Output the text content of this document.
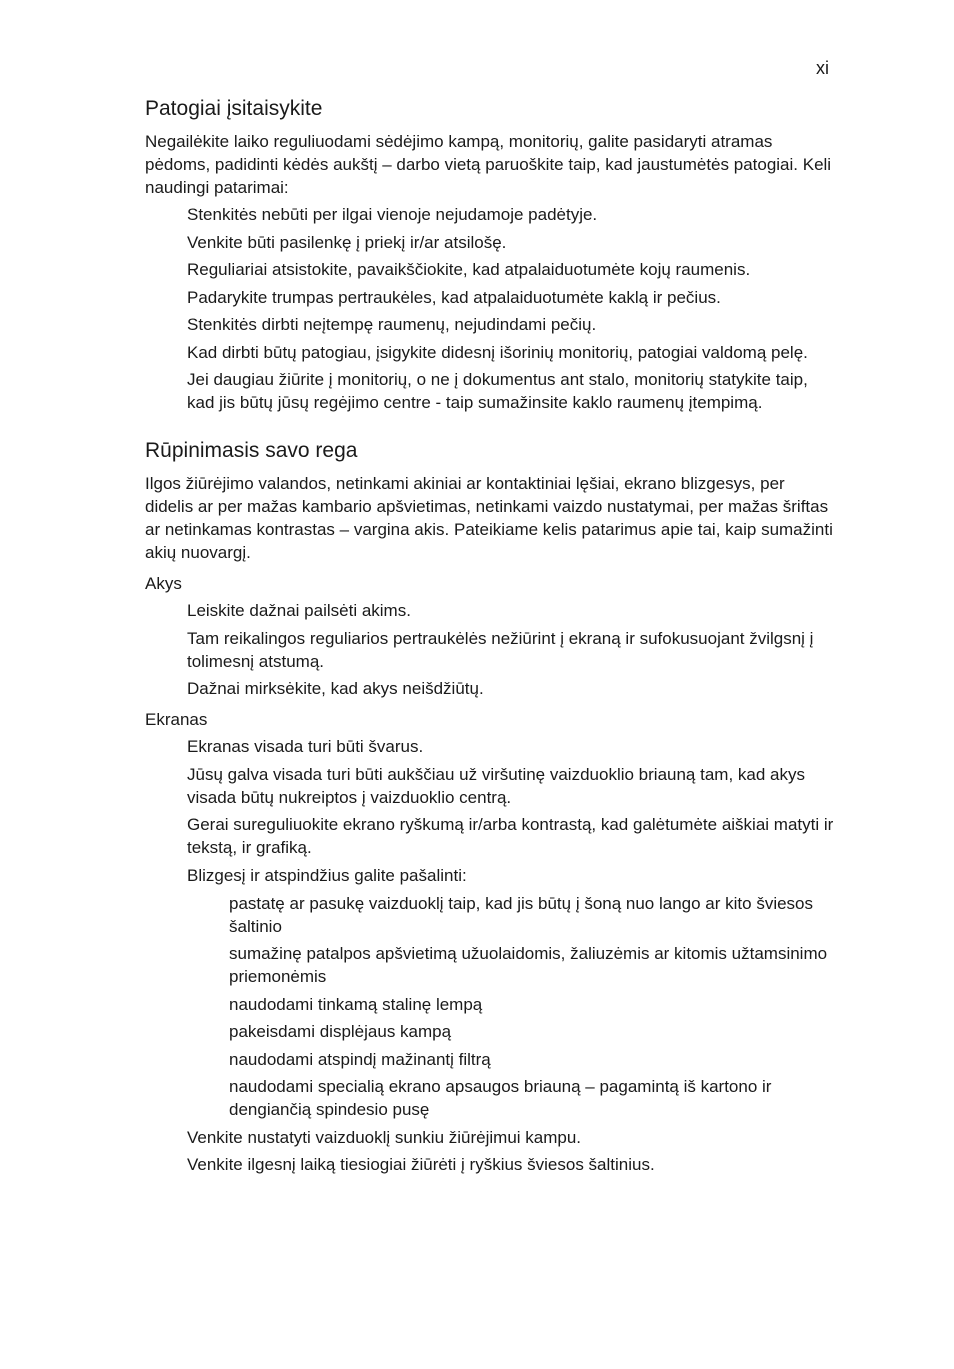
xi
Patogiai įsitaisykite

Negailėkite laiko reguliuodami sėdėjimo kampą, monitorių, galite pasidaryti atramas pėdoms, padidinti kėdės aukštį – darbo vietą paruoškite taip, kad jaustumėtės patogiai. Keli naudingi patarimai:

Stenkitės nebūti per ilgai vienoje nejudamoje padėtyje.
Venkite būti pasilenkę į priekį ir/ar atsilošę.
Reguliariai atsistokite, pavaikščiokite, kad atpalaiduotumėte kojų raumenis.
Padarykite trumpas pertraukėles, kad atpalaiduotumėte kaklą ir pečius.
Stenkitės dirbti neįtempę raumenų, nejudindami pečių.
Kad dirbti būtų patogiau, įsigykite didesnį išorinių monitorių, patogiai valdomą pelę.
Jei daugiau žiūrite į monitorių, o ne į dokumentus ant stalo, monitorių statykite taip, kad jis būtų jūsų regėjimo centre - taip sumažinsite kaklo raumenų įtempimą.
Rūpinimasis savo rega

Ilgos žiūrėjimo valandos, netinkami akiniai ar kontaktiniai lęšiai, ekrano blizgesys, per didelis ar per mažas kambario apšvietimas, netinkami vaizdo nustatymai, per mažas šriftas ar netinkamas kontrastas – vargina akis. Pateikiame kelis patarimus apie tai, kaip sumažinti akių nuovargį.

Akys

Leiskite dažnai pailsėti akims.
Tam reikalingos reguliarios pertraukėlės nežiūrint į ekraną ir sufokusuojant žvilgsnį į tolimesnį atstumą.
Dažnai mirksėkite, kad akys neišdžiūtų.

Ekranas

Ekranas visada turi būti švarus.
Jūsų galva visada turi būti aukščiau už viršutinę vaizduoklio briauną tam, kad akys visada būtų nukreiptos į vaizduoklio centrą.
Gerai sureguliuokite ekrano ryškumą ir/arba kontrastą, kad galėtumėte aiškiai matyti ir tekstą, ir grafiką.
Blizgesį ir atspindžius galite pašalinti:
pastatę ar pasukę vaizduoklį taip, kad jis būtų į šoną nuo lango ar kito šviesos šaltinio
sumažinę patalpos apšvietimą užuolaidomis, žaliuzėmis ar kitomis užtamsinimo priemonėmis
naudodami tinkamą stalinę lempą
pakeisdami displėjaus kampą
naudodami atspindį mažinantį filtrą
naudodami specialią ekrano apsaugos briauną – pagamintą iš kartono ir dengiančią spindesio pusę
Venkite nustatyti vaizduoklį sunkiu žiūrėjimui kampu.
Venkite ilgesnį laiką tiesiogiai žiūrėti į ryškius šviesos šaltinius.
